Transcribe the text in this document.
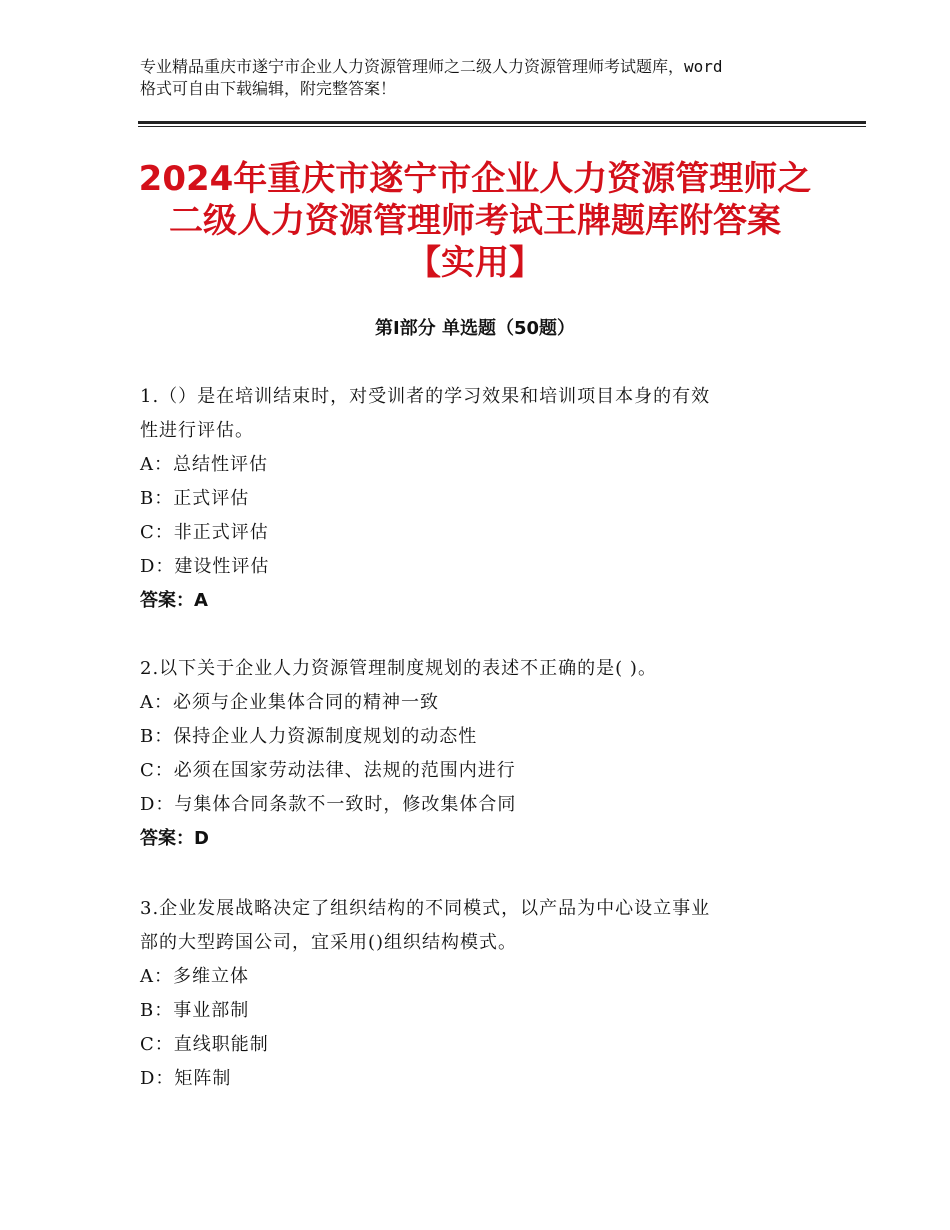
专业精品重庆市遂宁市企业人力资源管理师之二级人力资源管理师考试题库，word
格式可自由下载编辑，附完整答案！
2024年重庆市遂宁市企业人力资源管理师之
二级人力资源管理师考试王牌题库附答案
【实用】
第Ⅰ部分 单选题（50题）
1.（）是在培训结束时，对受训者的学习效果和培训项目本身的有效
性进行评估。
A：总结性评估
B：正式评估
C：非正式评估
D：建设性评估
答案：A
2.以下关于企业人力资源管理制度规划的表述不正确的是( )。
A：必须与企业集体合同的精神一致
B：保持企业人力资源制度规划的动态性
C：必须在国家劳动法律、法规的范围内进行
D：与集体合同条款不一致时，修改集体合同
答案：D
3.企业发展战略决定了组织结构的不同模式，以产品为中心设立事业
部的大型跨国公司，宜采用()组织结构模式。
A：多维立体
B：事业部制
C：直线职能制
D：矩阵制
